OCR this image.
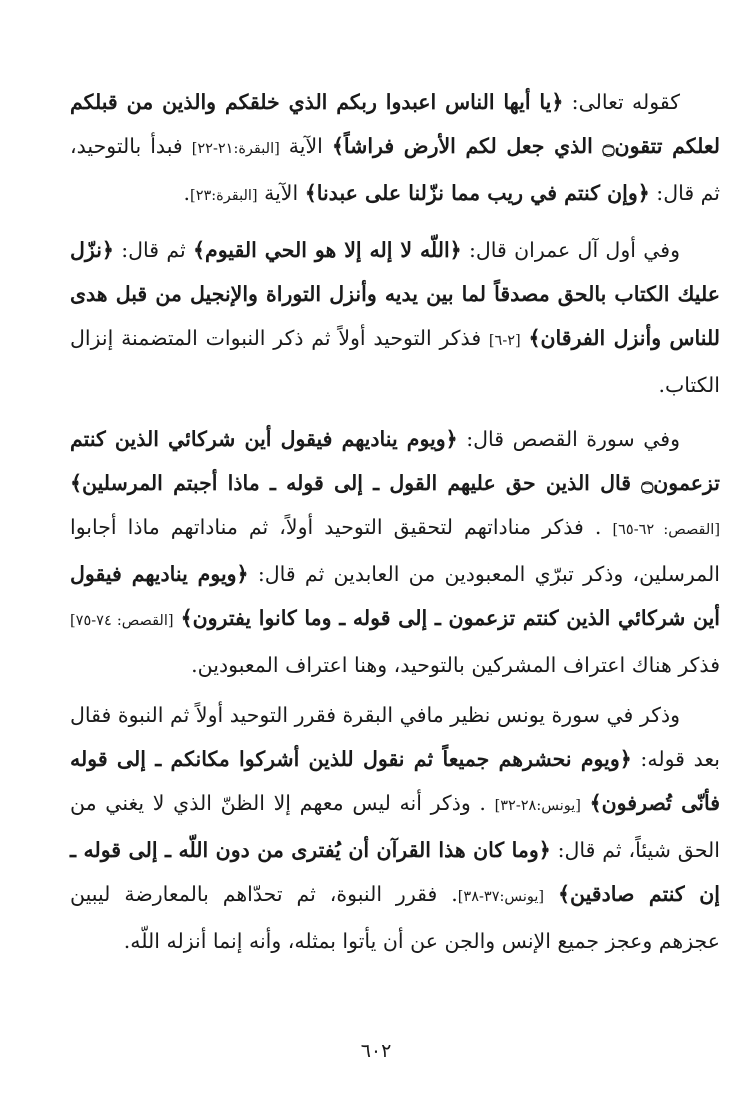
كقوله تعالى: ﴿يا أيها الناس اعبدوا ربكم الذي خلقكم والذين من قبلكم لعلكم تتقون۝ الذي جعل لكم الأرض فراشاً﴾ الآية [البقرة:٢١-٢٢] فبدأ بالتوحيد، ثم قال: ﴿وإن كنتم في ريب مما نزّلنا على عبدنا﴾ الآية [البقرة:٢٣].

وفي أول آل عمران قال: ﴿اللّه لا إله إلا هو الحي القيوم﴾ ثم قال: ﴿نزّل عليك الكتاب بالحق مصدقاً لما بين يديه وأنزل التوراة والإنجيل من قبل هدى للناس وأنزل الفرقان﴾ [٢-٦] فذكر التوحيد أولاً ثم ذكر النبوات المتضمنة إنزال الكتاب.

وفي سورة القصص قال: ﴿ويوم يناديهم فيقول أين شركائي الذين كنتم تزعمون۝ قال الذين حق عليهم القول ـ إلى قوله ـ ماذا أجبتم المرسلين﴾ [القصص: ٦٢-٦٥] . فذكر مناداتهم لتحقيق التوحيد أولاً، ثم مناداتهم ماذا أجابوا المرسلين، وذكر تبرّي المعبودين من العابدين ثم قال: ﴿ويوم يناديهم فيقول أين شركائي الذين كنتم تزعمون ـ إلى قوله ـ وما كانوا يفترون﴾ [القصص: ٧٤-٧٥] فذكر هناك اعتراف المشركين بالتوحيد، وهنا اعتراف المعبودين.

وذكر في سورة يونس نظير مافي البقرة فقرر التوحيد أولاً ثم النبوة فقال بعد قوله: ﴿ويوم نحشرهم جميعاً ثم نقول للذين أشركوا مكانكم ـ إلى قوله فأنّى تُصرفون﴾ [يونس:٢٨-٣٢] . وذكر أنه ليس معهم إلا الظنّ الذي لا يغني من الحق شيئاً، ثم قال: ﴿وما كان هذا القرآن أن يُفترى من دون اللّه ـ إلى قوله ـ إن كنتم صادقين﴾ [يونس:٣٧-٣٨]. فقرر النبوة، ثم تحدّاهم بالمعارضة ليبين عجزهم وعجز جميع الإنس والجن عن أن يأتوا بمثله، وأنه إنما أنزله اللّه.

٦٠٢
